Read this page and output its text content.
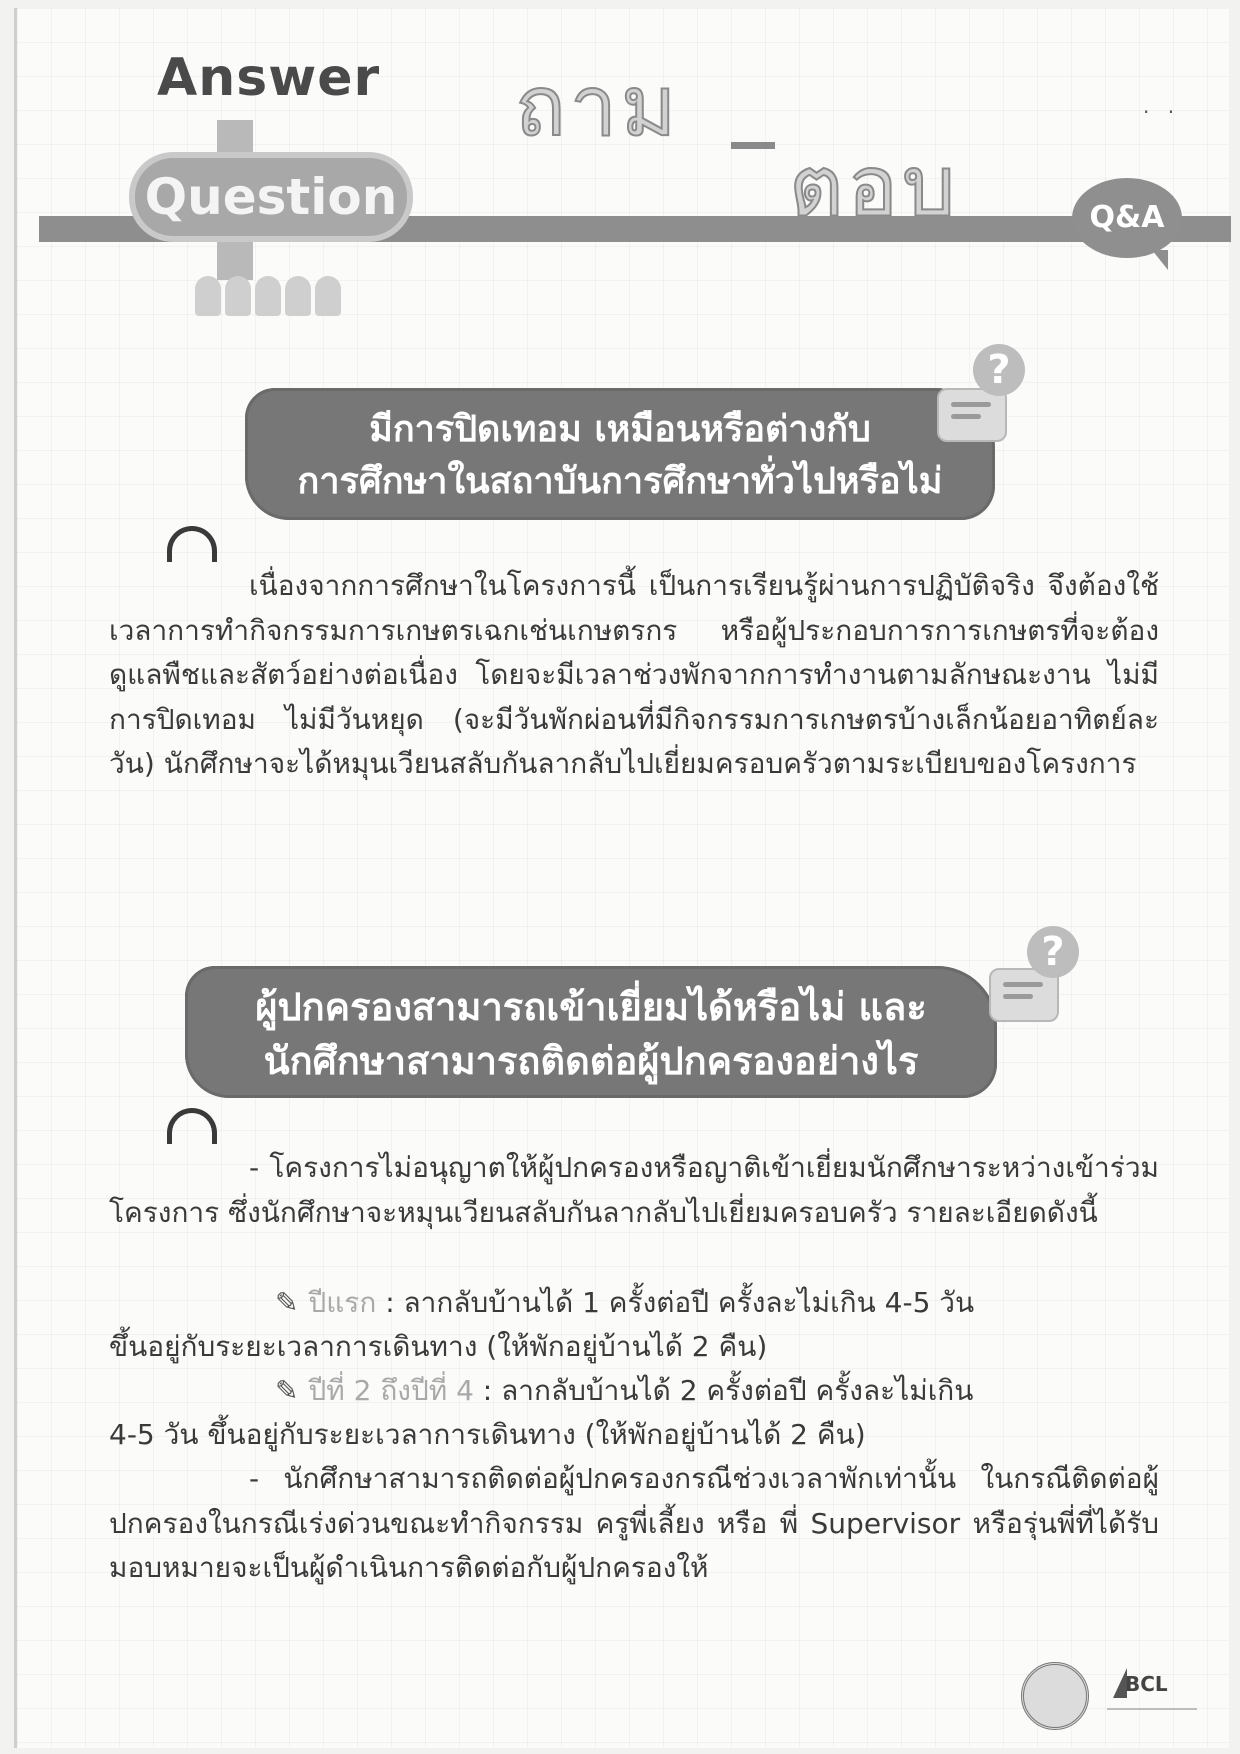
Answer
Question
ถาม
ตอบ	Q&A
· ·
มีการปิดเทอม เหมือนหรือต่างกับ
การศึกษาในสถาบันการศึกษาทั่วไปหรือไม่
?
เนื่องจากการศึกษาในโครงการนี้ เป็นการเรียนรู้ผ่านการปฏิบัติจริง จึงต้องใช้เวลาการทำกิจกรรมการเกษตรเฉกเช่นเกษตรกร หรือผู้ประกอบการการเกษตรที่จะต้องดูแลพืชและสัตว์อย่างต่อเนื่อง โดยจะมีเวลาช่วงพักจากการทำงานตามลักษณะงาน ไม่มีการปิดเทอม ไม่มีวันหยุด (จะมีวันพักผ่อนที่มีกิจกรรมการเกษตรบ้างเล็กน้อยอาทิตย์ละวัน) นักศึกษาจะได้หมุนเวียนสลับกันลากลับไปเยี่ยมครอบครัวตามระเบียบของโครงการ
ผู้ปกครองสามารถเข้าเยี่ยมได้หรือไม่ และ
นักศึกษาสามารถติดต่อผู้ปกครองอย่างไร
?
- โครงการไม่อนุญาตให้ผู้ปกครองหรือญาติเข้าเยี่ยมนักศึกษาระหว่างเข้าร่วมโครงการ ซึ่งนักศึกษาจะหมุนเวียนสลับกันลากลับไปเยี่ยมครอบครัว รายละเอียดดังนี้
✎ ปีแรก : ลากลับบ้านได้ 1 ครั้งต่อปี ครั้งละไม่เกิน 4-5 วัน
ขึ้นอยู่กับระยะเวลาการเดินทาง (ให้พักอยู่บ้านได้ 2 คืน)
✎ ปีที่ 2 ถึงปีที่ 4 : ลากลับบ้านได้ 2 ครั้งต่อปี ครั้งละไม่เกิน
4-5 วัน ขึ้นอยู่กับระยะเวลาการเดินทาง (ให้พักอยู่บ้านได้ 2 คืน)
- นักศึกษาสามารถติดต่อผู้ปกครองกรณีช่วงเวลาพักเท่านั้น ในกรณีติดต่อผู้ปกครองในกรณีเร่งด่วนขณะทำกิจกรรม ครูพี่เลี้ยง หรือ พี่ Supervisor หรือรุ่นพี่ที่ได้รับมอบหมายจะเป็นผู้ดำเนินการติดต่อกับผู้ปกครองให้
BCL
